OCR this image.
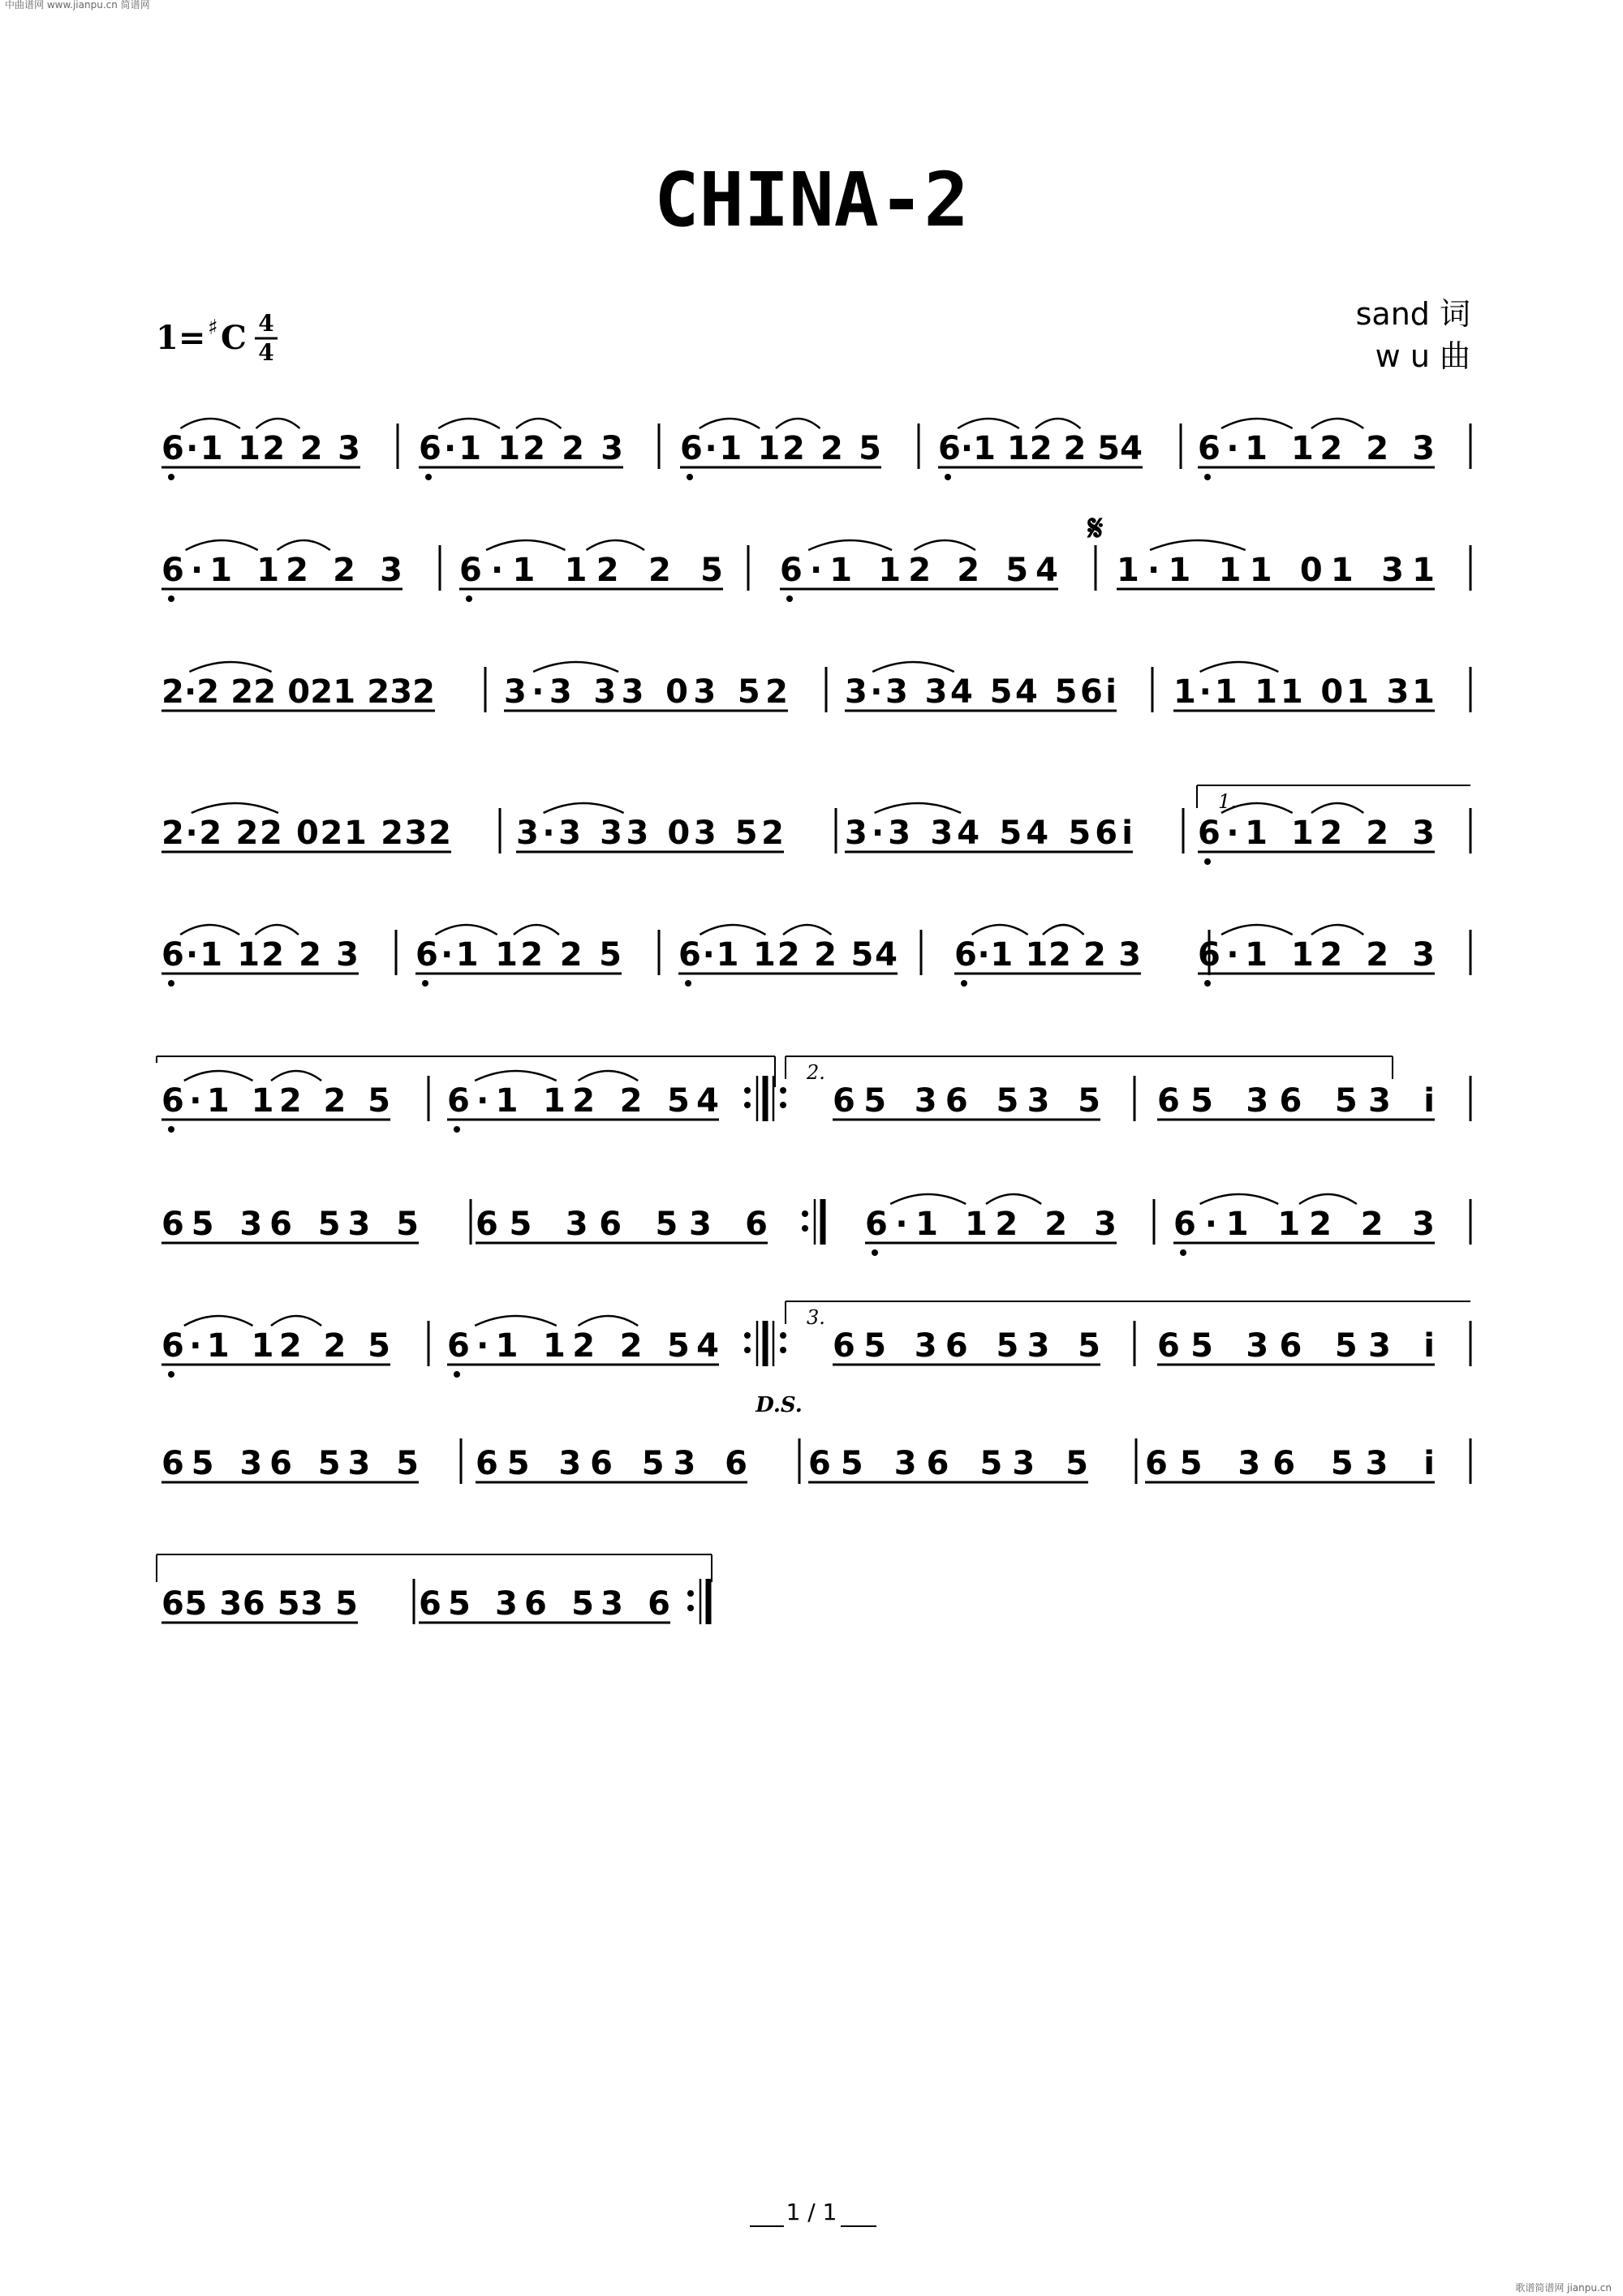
中曲谱网 www.jianpu.cn 简谱网
CHINA-2
1= ♯ C 4
4
sand 词
w u 曲
6·1 12 2 3 6·1 12 2 3 6·1 12 2 5 6·1 12 2 54 6·1 12 2 3
6·1 12 2 3 6·1 12 2 5 6·1 12 2 54 1·1 11 01 31
2·2 22 021 232 3·3 33 03 52 3·3 34 54 56i 1·1 11 01 31
2·2 22 021 232 3·3 33 03 52 3·3 34 54 56i 6·1 12 2 3
6·1 12 2 3 6·1 12 2 5 6·1 12 2 54 6·1 12 2 3 6·1 12 2 3
6·1 12 2 5 6·1 12 2 54	65 36 53 5 65 36 53 i
65 36 53 5 65 36 53 6	6·1 12 2 3 6·1 12 2 3
6·1 12 2 5 6·1 12 2 54	65 36 53 5 65 36 53 i
65 36 53 5 65 36 53 6 65 36 53 5 65 36 53 i
65 36 53 5 65 36 53 6
𝄋
1.
2.
3.
D.S.
1 / 1
歌谱简谱网 jianpu.cn
